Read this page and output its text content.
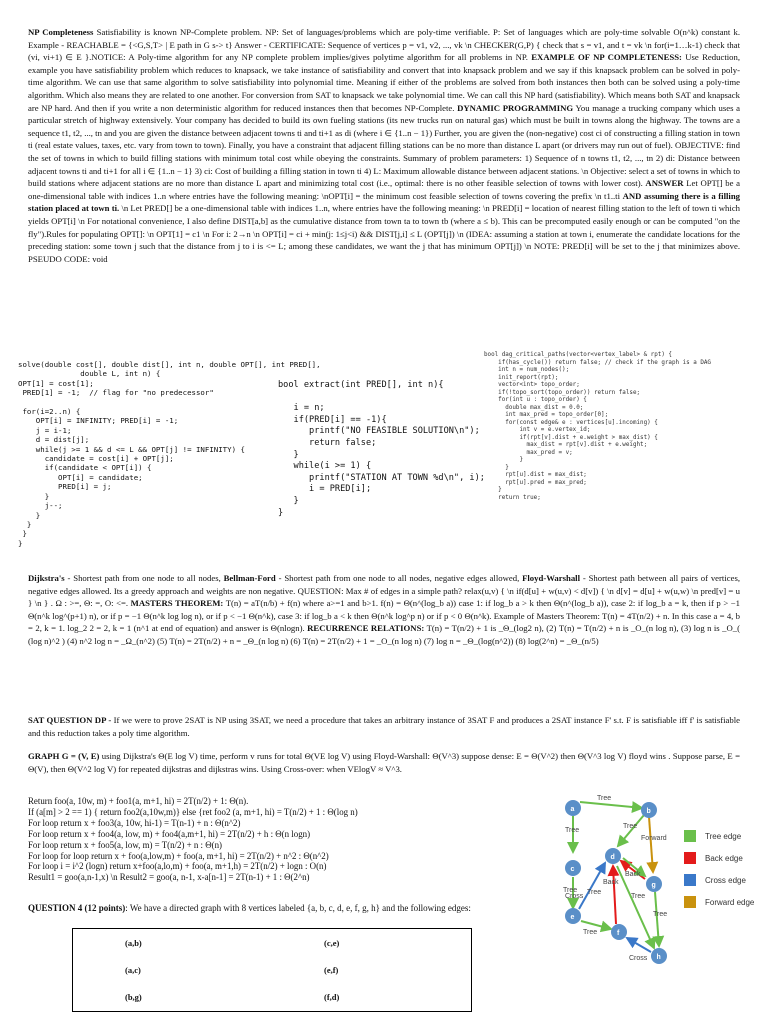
NP Completeness Satisfiability is known NP-Complete problem. NP: Set of languages/problems which are poly-time verifiable. P: Set of languages which are poly-time solvable O(n^k) constant k. Example - REACHABLE = {<G,S,T> | E path in G s-> t} Answer - CERTIFICATE: Sequence of vertices p = v1, v2, ..., vk \n CHECKER(G,P) { check that s = v1, and t = vk \n for(i=1…k-1) check that (vi, vi+1) ∈ E }.NOTICE: A Poly-time algorithm for any NP complete problem implies/gives polytime algorithm for all problems in NP. EXAMPLE OF NP COMPLETENESS: Use Reduction, example you have satisfiability problem which reduces to knapsack, we take instance of satisfiability and convert that into knapsack problem and we say if this knapsack problem can be solved in poly-time algorithm. We can use that same algorithm to solve satisfiability into polynomial time. Meaning if either of the problems are solved from both instances then both can be solved using a poly-time algorithm. Which also means they are related to one another. For conversion from SAT to knapsack we take polynomial time. We can call this NP hard (satisfiability). Which means both SAT and knapsack are NP hard. And then if you write a non deterministic algorithm for reduced instances then that becomes NP-Complete. DYNAMIC PROGRAMMING You manage a trucking company which uses a particular stretch of highway extensively. Your company has decided to build its own fueling stations (its new trucks run on natural gas) which must be built in towns along the highway. The towns are a sequence t1, t2, ..., tn and you are given the distance between adjacent towns ti and ti+1 as di (where i ∈ {1..n − 1}) Further, you are given the (non-negative) cost ci of constructing a filling station in town ti (real estate values, taxes, etc. vary from town to town). Finally, you have a constraint that adjacent filling stations can be no more than distance L apart (or drivers may run out of fuel). OBJECTIVE: find the set of towns in which to build filling stations with minimum total cost while obeying the constraints. Summary of problem parameters: 1) Sequence of n towns t1, t2, ..., tn 2) di: Distance between adjacent towns ti and ti+1 for all i ∈ {1..n − 1} 3) ci: Cost of building a filling station in town ti 4) L: Maximum allowable distance between adjacent stations. \n Objective: select a set of towns in which to build stations where adjacent stations are no more than distance L apart and minimizing total cost (i.e., optimal: there is no other feasible selection of towns with lower cost). ANSWER Let OPT[] be a one-dimensional table with indices 1..n where entries have the following meaning: \nOPT[i] = the minimum cost feasible selection of towns covering the prefix \n t1..ti AND assuming there is a filling station placed at town ti. \n Let PRED[] be a one-dimensional table with indices 1..n, where entries have the following meaning: \n PRED[i] = location of nearest filling station to the left of town ti which yields OPT[i] \n For notational convenience, I also define DIST[a,b] as the cumulative distance from town ta to town tb (where a ≤ b). This can be precomputed easily enough or can be computed "on the fly").Rules for populating OPT[]: \n OPT[1] = c1 \n For i: 2→n \n OPT[i] = ci + min(j: 1≤j<i) && DIST[j,i] ≤ L (OPT[j]) \n (IDEA: assuming a station at town i, enumerate the candidate locations for the preceding station: some town j such that the distance from j to i is <= L; among these candidates, we want the j that has minimum OPT[j]) \n NOTE: PRED[i] will be set to the j that minimizes above. PSEUDO CODE: void
solve(double cost[], double dist[], int n, double OPT[], int PRED[],
double L, int n) {
OPT[1] = cost[1];
PRED[1] = -1;  // flag for "no predecessor"

for(i=2..n) {
OPT[i] = INFINITY; PRED[i] = -1;
j = i-1;
d = dist[j];
while(j >= 1 && d <= L && OPT[j] != INFINITY) {
candidate = cost[i] + OPT[j];
if(candidate < OPT[i]) {
OPT[i] = candidate;
PRED[i] = j;
}
j--;
}
}
}
}
bool extract(int PRED[], int n){

i = n;
if(PRED[i] == -1){
printf("NO FEASIBLE SOLUTION\n");
return false;
}
while(i >= 1) {
printf("STATION AT TOWN %d\n", i);
i = PRED[i];
}
}
bool dag_critical_paths(vector<vertex_label> & rpt) {
if(has_cycle()) return false; // check if the graph is a DAG
int n = num_nodes();
init_report(rpt);
vector<int> topo_order;
if(!topo_sort(topo_order)) return false;
for(int u : topo_order) {
double max_dist = 0.0;
int max_pred = topo_order[0];
for(const edge& e : vertices[u].incoming) {
int v = e.vertex_id;
if(rpt[v].dist + e.weight > max_dist) {
max_dist = rpt[v].dist + e.weight;
max_pred = v;
}
}
rpt[u].dist = max_dist;
rpt[u].pred = max_pred;
}
return true;
Dijkstra's - Shortest path from one node to all nodes, Bellman-Ford - Shortest path from one node to all nodes, negative edges allowed, Floyd-Warshall - Shortest path between all pairs of vertices, negative edges allowed. Its a greedy approach and weights are non negative. QUESTION: Max # of edges in a simple path? relax(u,v) { \n if(d[u] + w(u,v) < d[v]) { \n d[v] = d[u] + w(u,w) \n pred[v] = u } \n } . Ω : >=, Θ: =, O: <=. MASTERS THEOREM: T(n) = aT(n/b) + f(n) where a>=1 and b>1. f(n) = Θ(n^(log_b a)) case 1: if log_b a > k then Θ(n^(log_b a)), case 2: if log_b a = k, then if p > −1 Θ(n^k log^(p+1) n), or if p = −1 Θ(n^k log log n), or if p < −1 Θ(n^k), case 3: if log_b a < k then Θ(n^k log^p n) or if p < 0 Θ(n^k). Example of Masters Theorem: T(n) = 4T(n/2) + n. In this case a = 4, b = 2, k = 1. log_2 2 = 2, k = 1 (n^1 at end of equation) and answer is Θ(nlogn). RECURRENCE RELATIONS: T(n) = T(n/2) + 1 is _Θ_(log2 n), (2) T(n) = T(n/2) + n is _O_(n log n), (3) log n is _O_( (log n)^2 ) (4) n^2 log n = _Ω_(n^2) (5) T(n) = 2T(n/2) + n = _Θ_(n log n) (6) T(n) = 2T(n/2) + 1 = _O_(n log n) (7) log n = _Θ_(log(n^2)) (8) log(2^n) = _Θ_(n/5)
SAT QUESTION DP - If we were to prove 2SAT is NP using 3SAT, we need a procedure that takes an arbitrary instance of 3SAT F and produces a 2SAT instance F' s.t. F is satisfiable iff f' is satisfiable and this reduction takes a poly time algorithm.
GRAPH G = (V, E) using Dijkstra's Θ(E log V) time, perform v runs for total Θ(VE log V) using Floyd-Warshall: Θ(V^3) suppose dense: E = Θ(V^2) then Θ(V^3 log V) floyd wins . Suppose parse, E = Θ(V), then Θ(V^2 log V) for repeated dijkstras and dijkstras wins. Using Cross-over: when VElogV ≈ V^3.
Return foo(a, 10w, m) + foo1(a, m+1, hi) = 2T(n/2) + 1: Θ(n).
If (a[m] > 2 == 1) { return foo2(a,10w,m)} else {ret foo2 (a, m+1, hi) = T(n/2) + 1 : Θ(log n)
For loop return x + foo3(a, 10w, hi-1) = T(n-1) + n : Θ(n^2)
For loop return x + foo4(a, low, m) + foo4(a,m+1, hi) = 2T(n/2) + h : Θ(n logn)
For loop return x + foo5(a, low, m) = T(n/2) + n : Θ(n)
For loop for loop return x + foo(a,low,m) + foo(a, m+1, hi) = 2T(n/2) + n^2 : Θ(n^2)
For loop i = i^2 (logn) return x+foo(a,lo,m) + foo(a, m+1,h) = 2T(n/2) + logn : O(n)
Result1 = goo(a,n-1,x) \n Result2 = goo(a, n-1, x-a[n-1] = 2T(n-1) + 1 : Θ(2^n)
QUESTION 4 (12 points): We have a directed graph with 8 vertices labeled {a, b, c, d, e, f, g, h} and the following edges:
(a,b)	(c,e)
(a,c)	(e,f)
(b,g)	(f,d)
Tree
Tree
Tree
Forward
Back
Tree
Cross
Tree
Back
Tree
Tree
Tree
Cross
a	b
c
d
e
f
g
h
Tree edge
Back edge
Cross edge
Forward edge
